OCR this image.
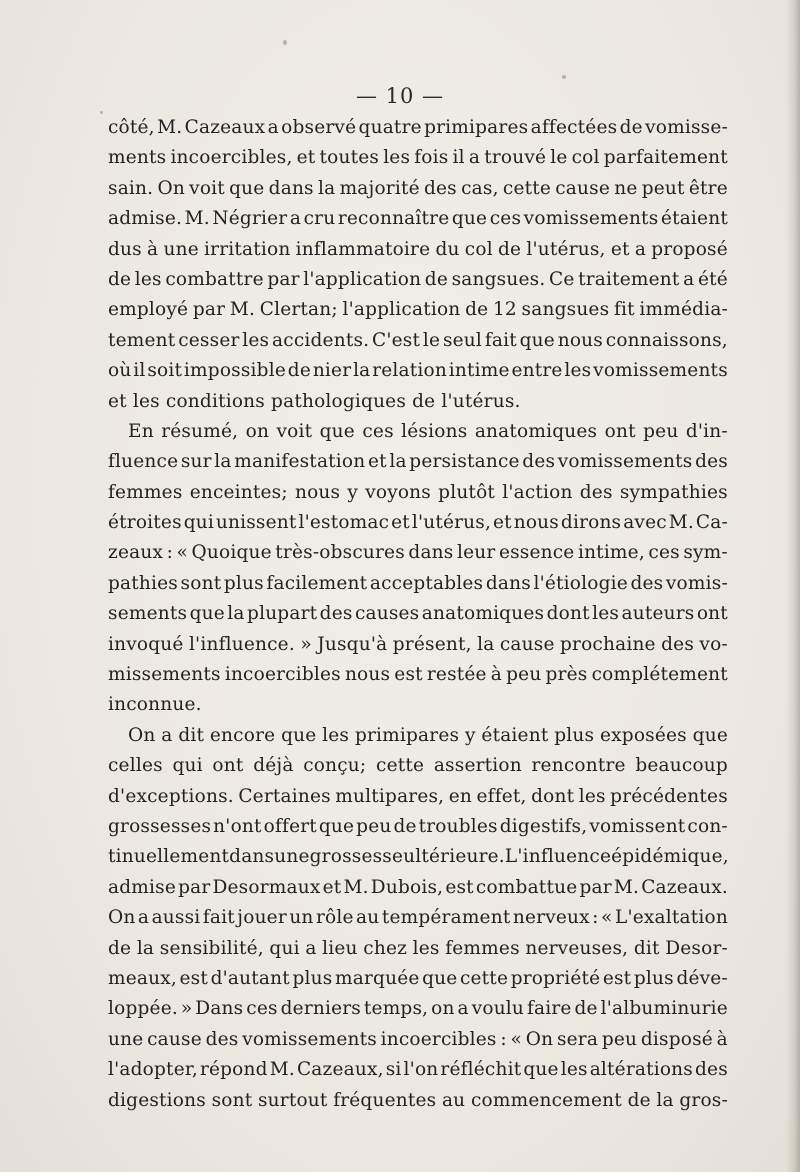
— 10 —
côté, M. Cazeaux a observé quatre primipares affectées de vomisse-
ments incoercibles, et toutes les fois il a trouvé le col parfaitement
sain. On voit que dans la majorité des cas, cette cause ne peut être
admise. M. Négrier a cru reconnaître que ces vomissements étaient
dus à une irritation inflammatoire du col de l'utérus, et a proposé
de les combattre par l'application de sangsues. Ce traitement a été
employé par M. Clertan; l'application de 12 sangsues fit immédia-
tement cesser les accidents. C'est le seul fait que nous connaissons,
où il soit impossible de nier la relation intime entre les vomissements
et les conditions pathologiques de l'utérus.
En résumé, on voit que ces lésions anatomiques ont peu d'in-
fluence sur la manifestation et la persistance des vomissements des
femmes enceintes; nous y voyons plutôt l'action des sympathies
étroites qui unissent l'estomac et l'utérus, et nous dirons avec M. Ca-
zeaux : « Quoique très-obscures dans leur essence intime, ces sym-
pathies sont plus facilement acceptables dans l'étiologie des vomis-
sements que la plupart des causes anatomiques dont les auteurs ont
invoqué l'influence. » Jusqu'à présent, la cause prochaine des vo-
missements incoercibles nous est restée à peu près complétement
inconnue.
On a dit encore que les primipares y étaient plus exposées que
celles qui ont déjà conçu; cette assertion rencontre beaucoup
d'exceptions. Certaines multipares, en effet, dont les précédentes
grossesses n'ont offert que peu de troubles digestifs, vomissent con-
tinuellement dans une grossesse ultérieure. L'influence épidémique,
admise par Desormaux et M. Dubois, est combattue par M. Cazeaux.
On a aussi fait jouer un rôle au tempérament nerveux : « L'exaltation
de la sensibilité, qui a lieu chez les femmes nerveuses, dit Desor-
meaux, est d'autant plus marquée que cette propriété est plus déve-
loppée. » Dans ces derniers temps, on a voulu faire de l'albuminurie
une cause des vomissements incoercibles : « On sera peu disposé à
l'adopter, répond M. Cazeaux, si l'on réfléchit que les altérations des
digestions sont surtout fréquentes au commencement de la gros-
